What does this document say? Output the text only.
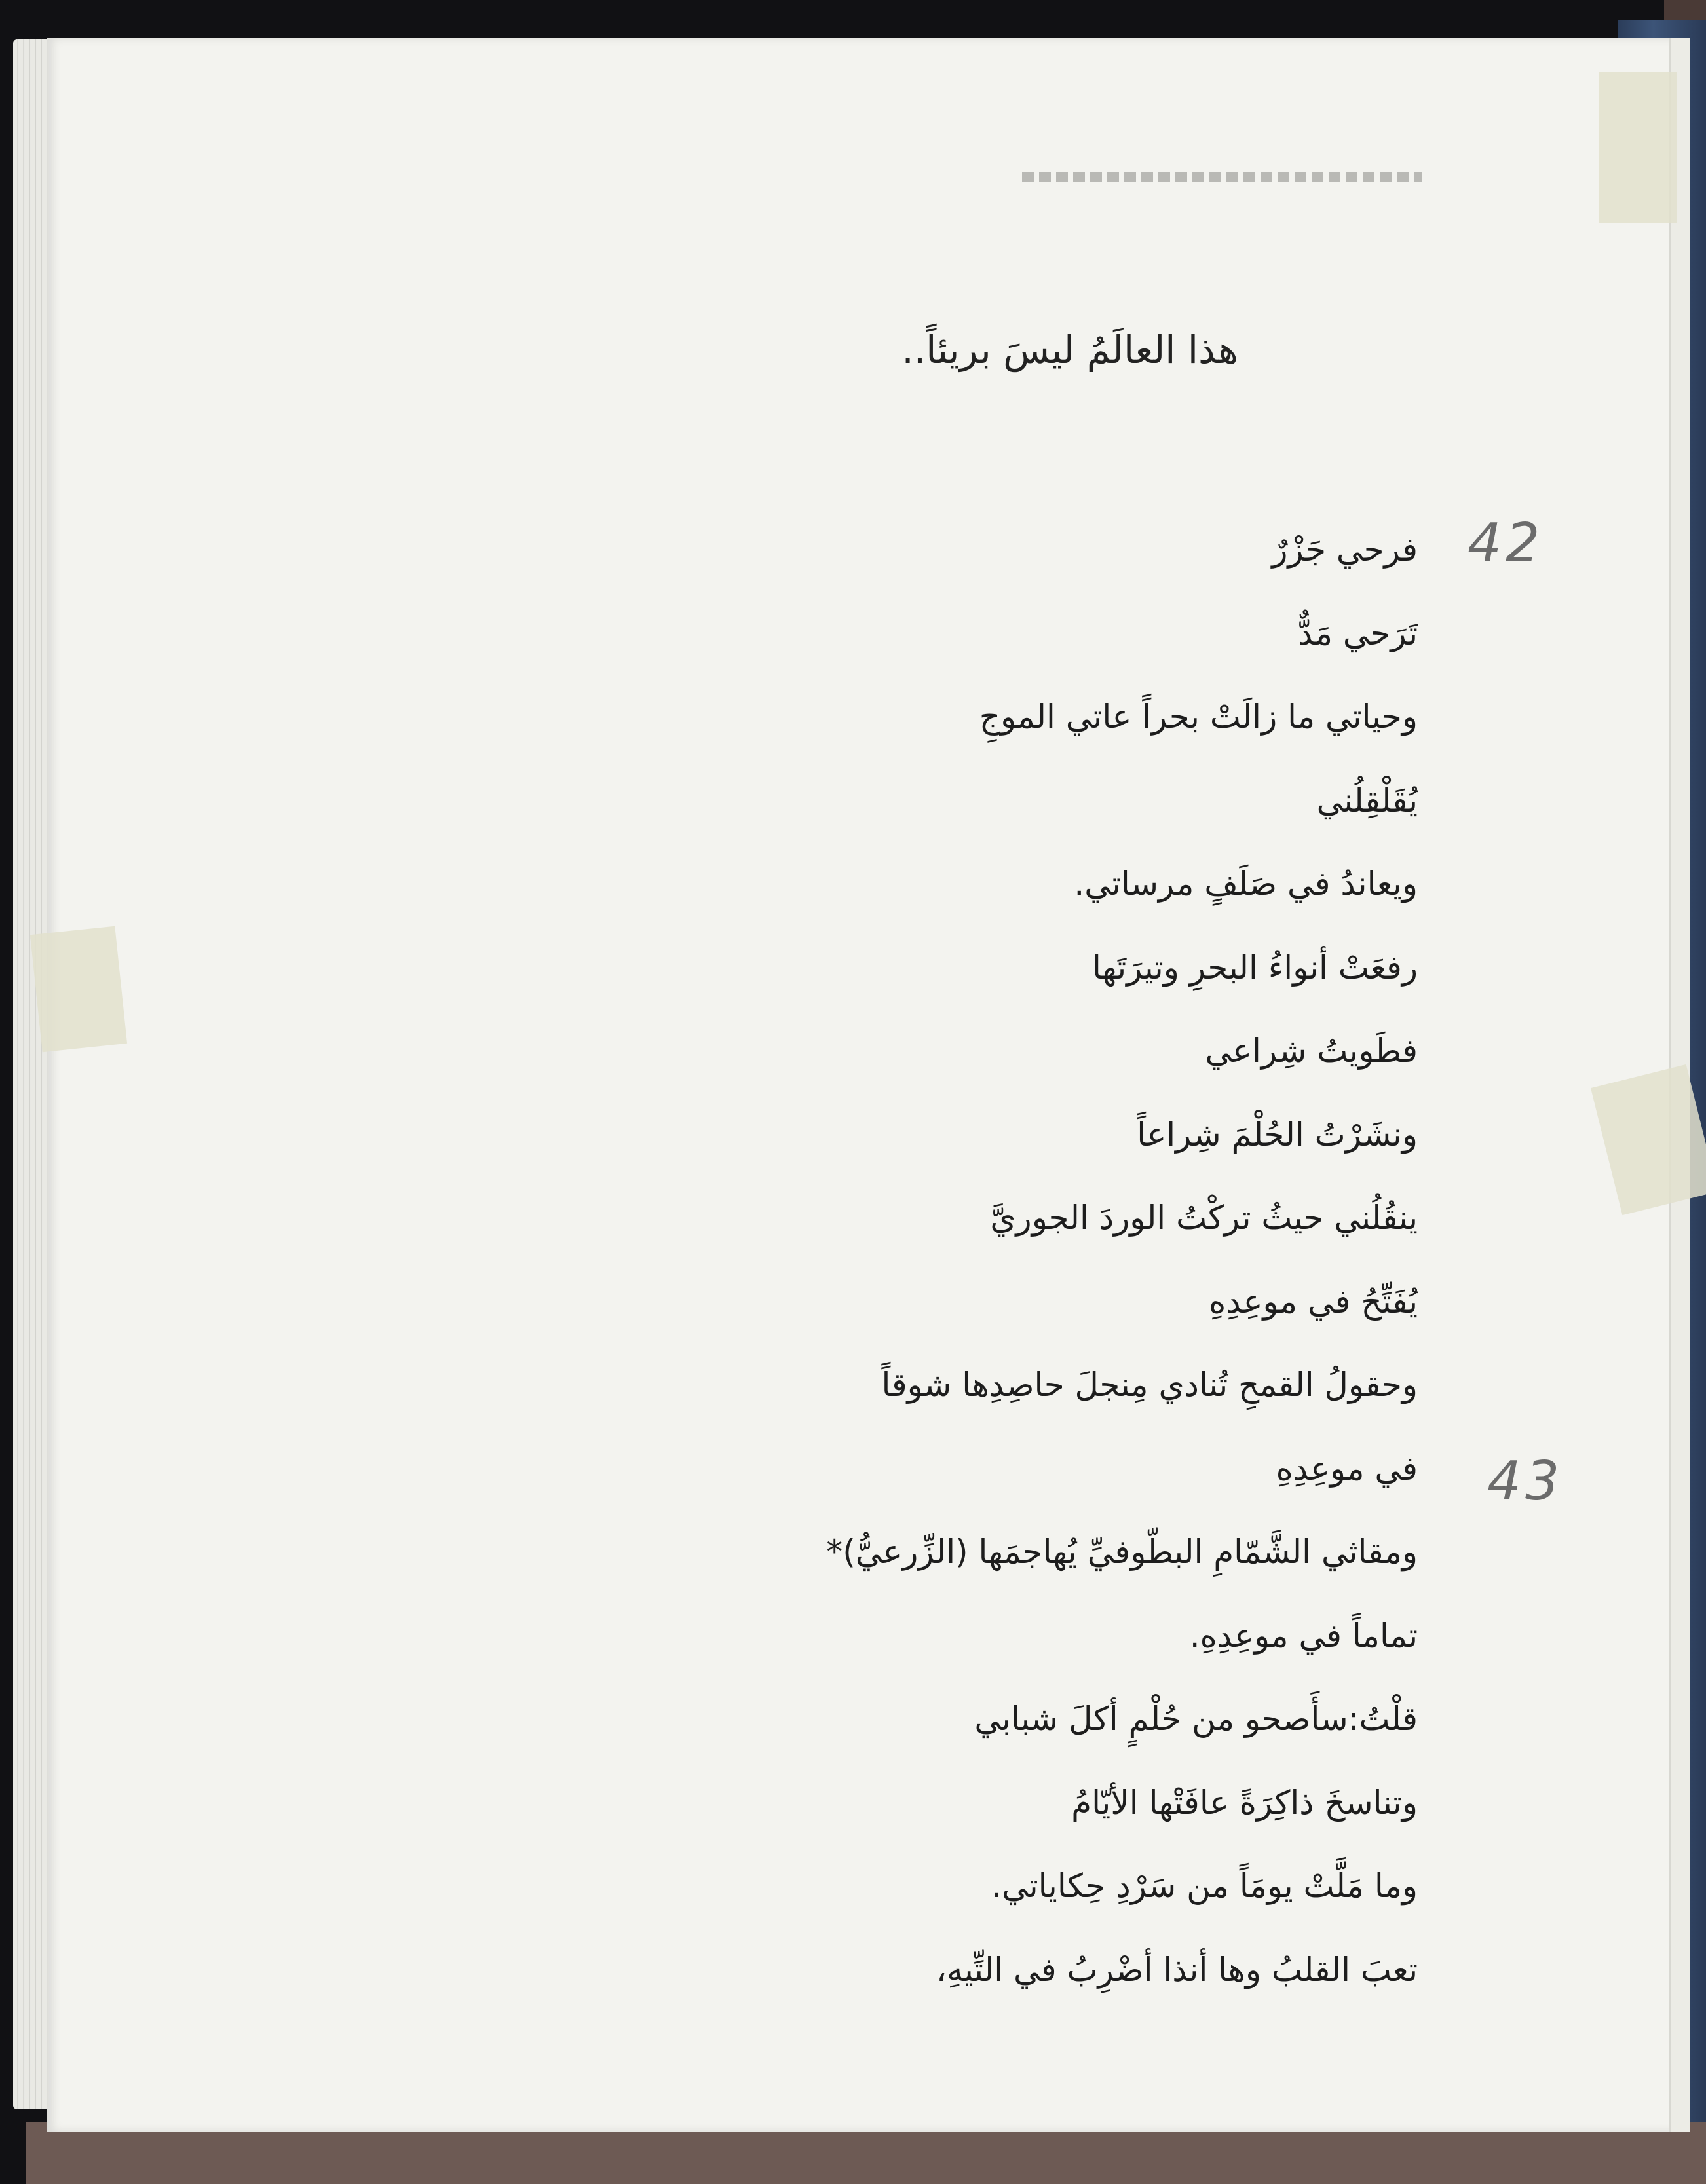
هذا العالَمُ ليسَ بريئاً..
فرحي جَزْرٌ
تَرَحي مَدٌّ
وحياتي ما زالَتْ بحراً عاتي الموجِ
يُقَلْقِلُني
ويعاندُ في صَلَفٍ مرساتي.
رفعَتْ أنواءُ البحرِ وتيرَتَها
فطَويتُ شِراعي
ونشَرْتُ الحُلْمَ شِراعاً
ينقُلُني حيثُ تركْتُ الوردَ الجوريَّ
يُفَتِّحُ في موعِدِهِ
وحقولُ القمحِ تُنادي مِنجلَ حاصِدِها شوقاً
في موعِدِهِ
ومقاثي الشَّمّامِ البطّوفيِّ يُهاجمَها (الزِّرعيُّ)*
تماماً في موعِدِهِ.
قلْتُ:سأَصحو من حُلْمٍ أكلَ شبابي
وتناسخَ ذاكِرَةً عافَتْها الأيّامُ
وما مَلَّتْ يومَاً من سَرْدِ حِكاياتي.
تعبَ القلبُ وها أنذا أضْرِبُ في التِّيهِ،
42
43
